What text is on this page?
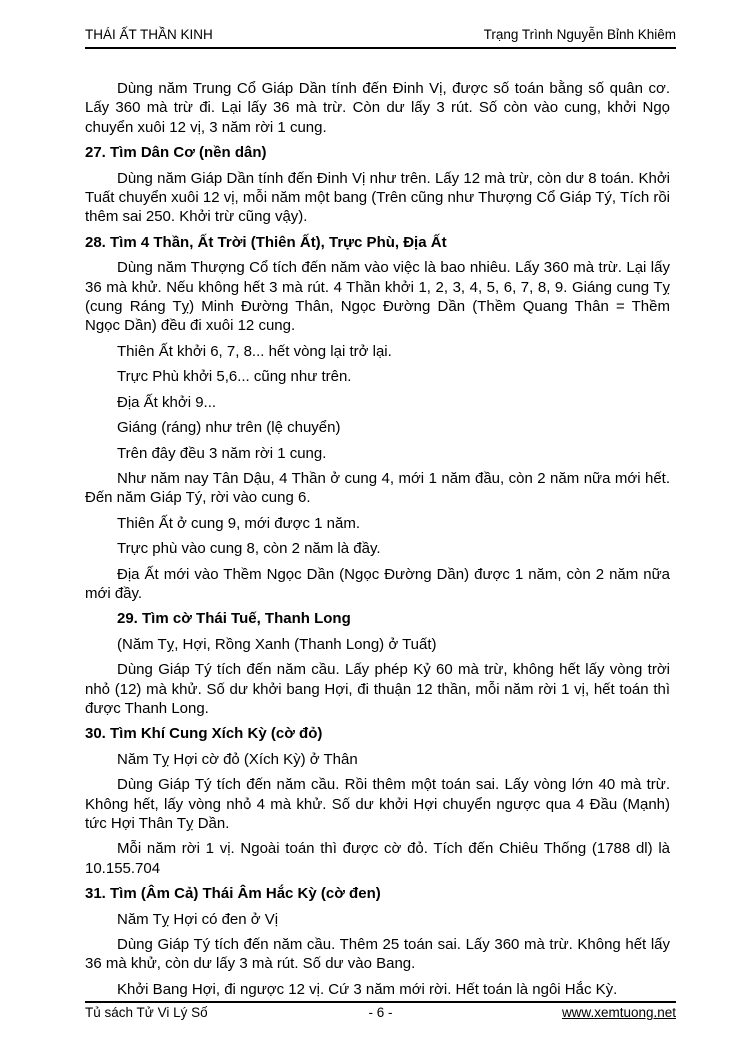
THÁI ẤT THẦN KINH	Trạng Trình Nguyễn Bỉnh Khiêm

Dùng năm Trung Cổ Giáp Dần tính đến Đinh Vị, được số toán bằng số quân cơ. Lấy 360 mà trừ đi. Lại lấy 36 mà trừ. Còn dư lấy 3 rút. Số còn vào cung, khởi Ngọ chuyển xuôi 12 vị, 3 năm rời 1 cung.

27. Tìm Dân Cơ (nền dân)

Dùng năm Giáp Dần tính đến Đinh Vị như trên. Lấy 12 mà trừ, còn dư 8 toán. Khởi Tuất chuyển xuôi 12 vị, mỗi năm một bang (Trên cũng như Thượng Cổ Giáp Tý, Tích rồi thêm sai 250. Khởi trừ cũng vậy).

28. Tìm 4 Thần, Ất Trời (Thiên Ất), Trực Phù, Địa Ất

Dùng năm Thượng Cổ tích đến năm vào việc là bao nhiêu. Lấy 360 mà trừ. Lại lấy 36 mà khử. Nếu không hết 3 mà rút. 4 Thần khởi 1, 2, 3, 4, 5, 6, 7, 8, 9. Giáng cung Tỵ (cung Ráng Tỵ) Minh Đường Thân, Ngọc Đường Dần (Thềm Quang Thân = Thềm Ngọc Dần) đều đi xuôi 12 cung.

Thiên Ất khởi 6, 7, 8... hết vòng lại trở lại.

Trực Phù khởi 5,6... cũng như trên.

Địa Ất khởi 9...

Giáng (ráng) như trên (lệ chuyển)

Trên đây đều 3 năm rời 1 cung.

Như năm nay Tân Dậu, 4 Thần ở cung 4, mới 1 năm đầu, còn 2 năm nữa mới hết. Đến năm Giáp Tý, rời vào cung 6.

Thiên Ất ở cung 9, mới được 1 năm.

Trực phù vào cung 8, còn 2 năm là đầy.

Địa Ất mới vào Thềm Ngọc Dần (Ngọc Đường Dần) được 1 năm, còn 2 năm nữa mới đầy.

29. Tìm cờ Thái Tuế, Thanh Long

(Năm Tỵ, Hợi, Rồng Xanh (Thanh Long) ở Tuất)

Dùng Giáp Tý tích đến năm cầu. Lấy phép Kỷ 60 mà trừ, không hết lấy vòng trời nhỏ (12) mà khử. Số dư khởi bang Hợi, đi thuận 12 thần, mỗi năm rời 1 vị, hết toán thì được Thanh Long.

30. Tìm Khí Cung Xích Kỳ (cờ đỏ)

Năm Tỵ Hợi cờ đỏ (Xích Kỳ) ở Thân

Dùng Giáp Tý tích đến năm cầu. Rồi thêm một toán sai. Lấy vòng lớn 40 mà trừ. Không hết, lấy vòng nhỏ 4 mà khử. Số dư khởi Hợi chuyển ngược qua 4 Đầu (Mạnh) tức Hợi Thân Tỵ Dần.

Mỗi năm rời 1 vị. Ngoài toán thì được cờ đỏ. Tích đến Chiêu Thống (1788 dl) là 10.155.704

31. Tìm (Âm Cả) Thái Âm Hắc Kỳ (cờ đen)

Năm Tỵ Hợi có đen ở Vị

Dùng Giáp Tý tích đến năm cầu. Thêm 25 toán sai. Lấy 360 mà trừ. Không hết lấy 36 mà khử, còn dư lấy 3 mà rút. Số dư vào Bang.

Khởi Bang Hợi, đi ngược 12 vị. Cứ 3 năm mới rời. Hết toán là ngôi Hắc Kỳ.

Tủ sách Tử Vi Lý Số	- 6 -	www.xemtuong.net
